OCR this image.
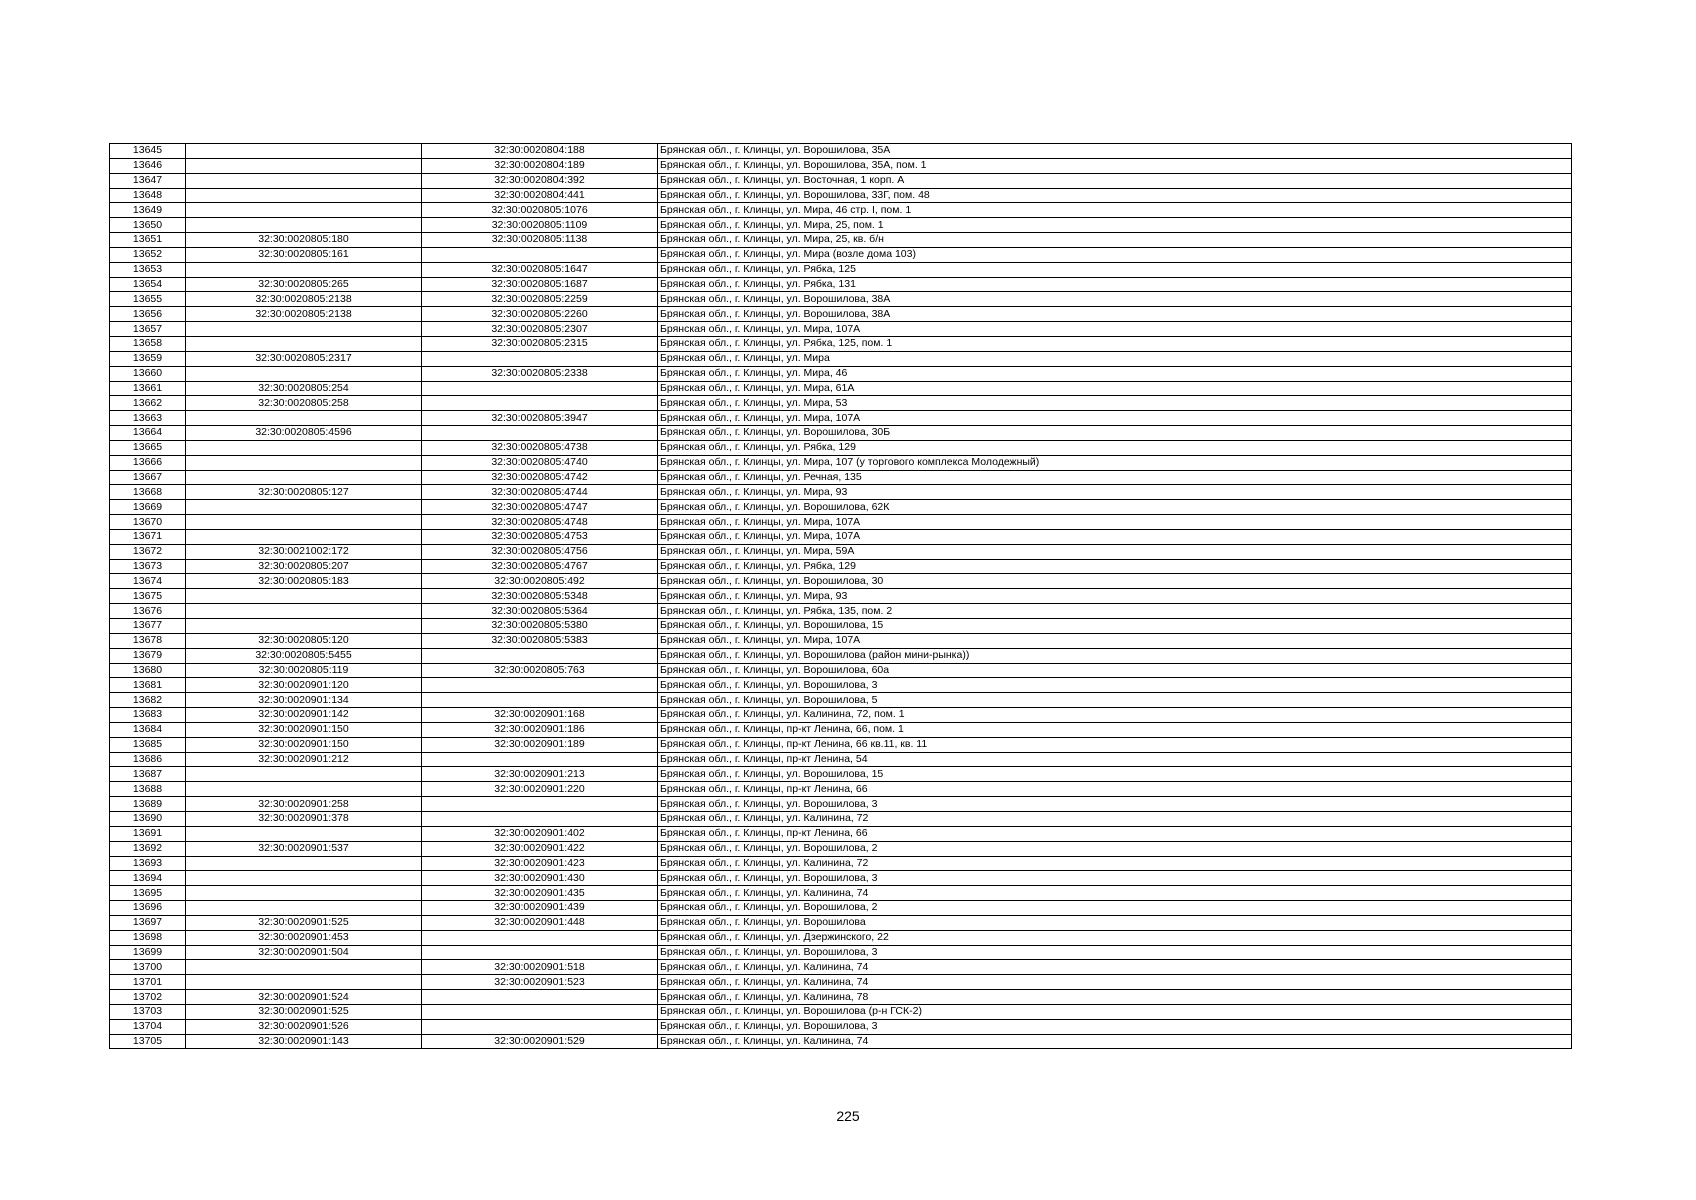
13645		32:30:0020804:188	Брянская обл., г. Клинцы, ул. Ворошилова, 35А
13646		32:30:0020804:189	Брянская обл., г. Клинцы, ул. Ворошилова, 35А, пом. 1
13647		32:30:0020804:392	Брянская обл., г. Клинцы, ул. Восточная, 1 корп. А
13648		32:30:0020804:441	Брянская обл., г. Клинцы, ул. Ворошилова, 33Г, пом. 48
13649		32:30:0020805:1076	Брянская обл., г. Клинцы, ул. Мира, 46 стр. I, пом. 1
13650		32:30:0020805:1109	Брянская обл., г. Клинцы, ул. Мира, 25, пом. 1
13651	32:30:0020805:180	32:30:0020805:1138	Брянская обл., г. Клинцы, ул. Мира, 25, кв. б/н
13652	32:30:0020805:161		Брянская обл., г. Клинцы, ул. Мира (возле дома 103)
13653		32:30:0020805:1647	Брянская обл., г. Клинцы, ул. Рябка, 125
13654	32:30:0020805:265	32:30:0020805:1687	Брянская обл., г. Клинцы, ул. Рябка, 131
13655	32:30:0020805:2138	32:30:0020805:2259	Брянская обл., г. Клинцы, ул. Ворошилова, 38А
13656	32:30:0020805:2138	32:30:0020805:2260	Брянская обл., г. Клинцы, ул. Ворошилова, 38А
13657		32:30:0020805:2307	Брянская обл., г. Клинцы, ул. Мира, 107А
13658		32:30:0020805:2315	Брянская обл., г. Клинцы, ул. Рябка, 125, пом. 1
13659	32:30:0020805:2317		Брянская обл., г. Клинцы, ул. Мира
13660		32:30:0020805:2338	Брянская обл., г. Клинцы, ул. Мира, 46
13661	32:30:0020805:254		Брянская обл., г. Клинцы, ул. Мира, 61А
13662	32:30:0020805:258		Брянская обл., г. Клинцы, ул. Мира, 53
13663		32:30:0020805:3947	Брянская обл., г. Клинцы, ул. Мира, 107А
13664	32:30:0020805:4596		Брянская обл., г. Клинцы, ул. Ворошилова, 30Б
13665		32:30:0020805:4738	Брянская обл., г. Клинцы, ул. Рябка, 129
13666		32:30:0020805:4740	Брянская обл., г. Клинцы, ул. Мира, 107 (у торгового комплекса Молодежный)
13667		32:30:0020805:4742	Брянская обл., г. Клинцы, ул. Речная, 135
13668	32:30:0020805:127	32:30:0020805:4744	Брянская обл., г. Клинцы, ул. Мира, 93
13669		32:30:0020805:4747	Брянская обл., г. Клинцы, ул. Ворошилова, 62К
13670		32:30:0020805:4748	Брянская обл., г. Клинцы, ул. Мира, 107А
13671		32:30:0020805:4753	Брянская обл., г. Клинцы, ул. Мира, 107А
13672	32:30:0021002:172	32:30:0020805:4756	Брянская обл., г. Клинцы, ул. Мира, 59А
13673	32:30:0020805:207	32:30:0020805:4767	Брянская обл., г. Клинцы, ул. Рябка, 129
13674	32:30:0020805:183	32:30:0020805:492	Брянская обл., г. Клинцы, ул. Ворошилова, 30
13675		32:30:0020805:5348	Брянская обл., г. Клинцы, ул. Мира, 93
13676		32:30:0020805:5364	Брянская обл., г. Клинцы, ул. Рябка, 135, пом. 2
13677		32:30:0020805:5380	Брянская обл., г. Клинцы, ул. Ворошилова, 15
13678	32:30:0020805:120	32:30:0020805:5383	Брянская обл., г. Клинцы, ул. Мира, 107А
13679	32:30:0020805:5455		Брянская обл., г. Клинцы, ул. Ворошилова (район мини-рынка))
13680	32:30:0020805:119	32:30:0020805:763	Брянская обл., г. Клинцы, ул. Ворошилова, 60а
13681	32:30:0020901:120		Брянская обл., г. Клинцы, ул. Ворошилова, 3
13682	32:30:0020901:134		Брянская обл., г. Клинцы, ул. Ворошилова, 5
13683	32:30:0020901:142	32:30:0020901:168	Брянская обл., г. Клинцы, ул. Калинина, 72, пом. 1
13684	32:30:0020901:150	32:30:0020901:186	Брянская обл., г. Клинцы, пр-кт Ленина, 66, пом. 1
13685	32:30:0020901:150	32:30:0020901:189	Брянская обл., г. Клинцы, пр-кт Ленина, 66 кв.11, кв. 11
13686	32:30:0020901:212		Брянская обл., г. Клинцы, пр-кт Ленина, 54
13687		32:30:0020901:213	Брянская обл., г. Клинцы, ул. Ворошилова, 15
13688		32:30:0020901:220	Брянская обл., г. Клинцы, пр-кт Ленина, 66
13689	32:30:0020901:258		Брянская обл., г. Клинцы, ул. Ворошилова, 3
13690	32:30:0020901:378		Брянская обл., г. Клинцы, ул. Калинина, 72
13691		32:30:0020901:402	Брянская обл., г. Клинцы, пр-кт Ленина, 66
13692	32:30:0020901:537	32:30:0020901:422	Брянская обл., г. Клинцы, ул. Ворошилова, 2
13693		32:30:0020901:423	Брянская обл., г. Клинцы, ул. Калинина, 72
13694		32:30:0020901:430	Брянская обл., г. Клинцы, ул. Ворошилова, 3
13695		32:30:0020901:435	Брянская обл., г. Клинцы, ул. Калинина, 74
13696		32:30:0020901:439	Брянская обл., г. Клинцы, ул. Ворошилова, 2
13697	32:30:0020901:525	32:30:0020901:448	Брянская обл., г. Клинцы, ул. Ворошилова
13698	32:30:0020901:453		Брянская обл., г. Клинцы, ул. Дзержинского, 22
13699	32:30:0020901:504		Брянская обл., г. Клинцы, ул. Ворошилова, 3
13700		32:30:0020901:518	Брянская обл., г. Клинцы, ул. Калинина, 74
13701		32:30:0020901:523	Брянская обл., г. Клинцы, ул. Калинина, 74
13702	32:30:0020901:524		Брянская обл., г. Клинцы, ул. Калинина, 78
13703	32:30:0020901:525		Брянская обл., г. Клинцы, ул. Ворошилова (р-н ГСК-2)
13704	32:30:0020901:526		Брянская обл., г. Клинцы, ул. Ворошилова, 3
13705	32:30:0020901:143	32:30:0020901:529	Брянская обл., г. Клинцы, ул. Калинина, 74
225
